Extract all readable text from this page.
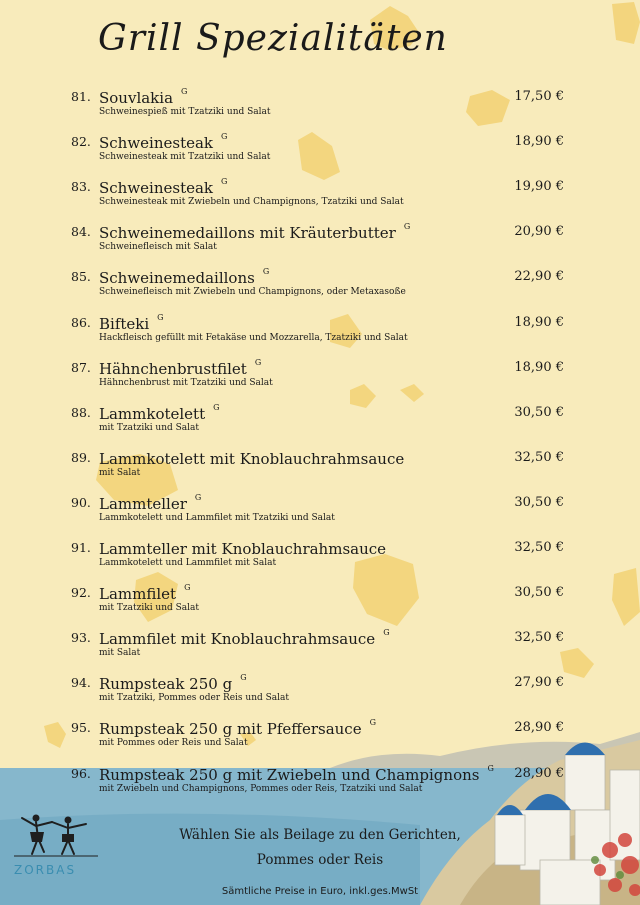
Grill Spezialitäten
81. Souvlakia $^G$
Schweinespieß mit Tzatziki und Salat
17,50 €
82. Schweinesteak $^G$
Schweinesteak mit Tzatziki und Salat
18,90 €
83. Schweinesteak $^G$
Schweinesteak mit Zwiebeln und Champignons, Tzatziki und Salat
19,90 €
84. Schweinemedaillons mit Kräuterbutter $^G$
Schweinefleisch mit Salat
20,90 €
85. Schweinemedaillons $^G$
Schweinefleisch mit Zwiebeln und Champignons, oder Metaxasoße
22,90 €
86. Bifteki $^G$
Hackfleisch gefüllt mit Fetakäse und Mozzarella, Tzatziki und Salat
18,90 €
87. Hähnchenbrustfilet $^G$
Hähnchenbrust mit Tzatziki und Salat
18,90 €
88. Lammkotelett $^G$
mit Tzatziki und Salat
30,50 €
89. Lammkotelett mit Knoblauchrahmsauce
mit Salat
32,50 €
90. Lammteller $^G$
Lammkotelett und Lammfilet mit Tzatziki und Salat
30,50 €
91. Lammteller mit Knoblauchrahmsauce
Lammkotelett und Lammfilet mit Salat
32,50 €
92. Lammfilet $^G$
mit Tzatziki und Salat
30,50 €
93. Lammfilet mit Knoblauchrahmsauce $^G$
mit Salat
32,50 €
94. Rumpsteak 250 g $^G$
mit Tzatziki, Pommes oder Reis und Salat
27,90 €
95. Rumpsteak 250 g mit Pfeffersauce $^G$
mit Pommes oder Reis und Salat
28,90 €
96. Rumpsteak 250 g mit Zwiebeln und Champignons $^G$
mit Zwiebeln und Champignons, Pommes oder Reis, Tzatziki und Salat
28,90 €
ZORBAS
Wählen Sie als Beilage zu den Gerichten,
Pommes oder Reis
Sämtliche Preise in Euro, inkl.ges.MwSt
